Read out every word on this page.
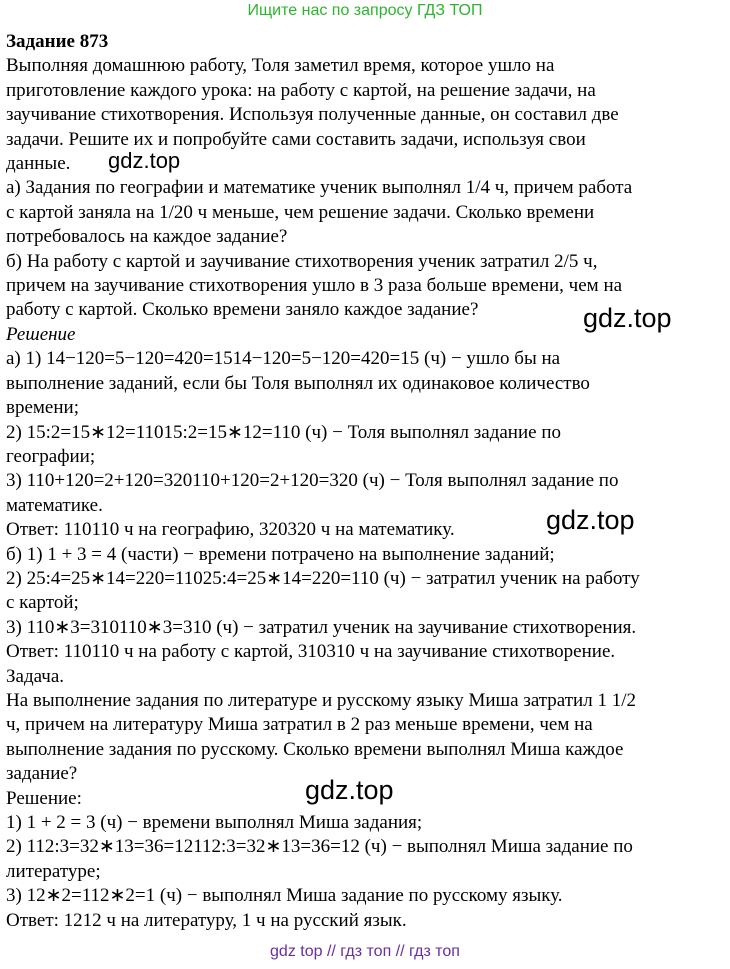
Ищите нас по запросу ГДЗ ТОП
Задание 873
Выполняя домашнюю работу, Толя заметил время, которое ушло на
приготовление каждого урока: на работу с картой, на решение задачи, на
заучивание стихотворения. Используя полученные данные, он составил две
задачи. Решите их и попробуйте сами составить задачи, используя свои
данные.
а) Задания по географии и математике ученик выполнял 1/4 ч, причем работа
с картой заняла на 1/20 ч меньше, чем решение задачи. Сколько времени
потребовалось на каждое задание?
б) На работу с картой и заучивание стихотворения ученик затратил 2/5 ч,
причем на заучивание стихотворения ушло в 3 раза больше времени, чем на
работу с картой. Сколько времени заняло каждое задание?
Решение
а) 1) 14−120=5−120=420=1514−120=5−120=420=15 (ч) − ушло бы на
выполнение заданий, если бы Толя выполнял их одинаковое количество
времени;
2) 15:2=15∗12=11015:2=15∗12=110 (ч) − Толя выполнял задание по
географии;
3) 110+120=2+120=320110+120=2+120=320 (ч) − Толя выполнял задание по
математике.
Ответ: 110110 ч на географию, 320320 ч на математику.
б) 1) 1 + 3 = 4 (части) − времени потрачено на выполнение заданий;
2) 25:4=25∗14=220=11025:4=25∗14=220=110 (ч) − затратил ученик на работу
с картой;
3) 110∗3=310110∗3=310 (ч) − затратил ученик на заучивание стихотворения.
Ответ: 110110 ч на работу с картой, 310310 ч на заучивание стихотворение.
Задача.
На выполнение задания по литературе и русскому языку Миша затратил 1 1/2
ч, причем на литературу Миша затратил в 2 раз меньше времени, чем на
выполнение задания по русскому. Сколько времени выполнял Миша каждое
задание?
Решение:
1) 1 + 2 = 3 (ч) − времени выполнял Миша задания;
2) 112:3=32∗13=36=12112:3=32∗13=36=12 (ч) − выполнял Миша задание по
литературе;
3) 12∗2=112∗2=1 (ч) − выполнял Миша задание по русскому языку.
Ответ: 1212 ч на литературу, 1 ч на русский язык.
gdz.top
gdz.top
gdz.top
gdz.top
gdz top // гдз топ // гдз топ
